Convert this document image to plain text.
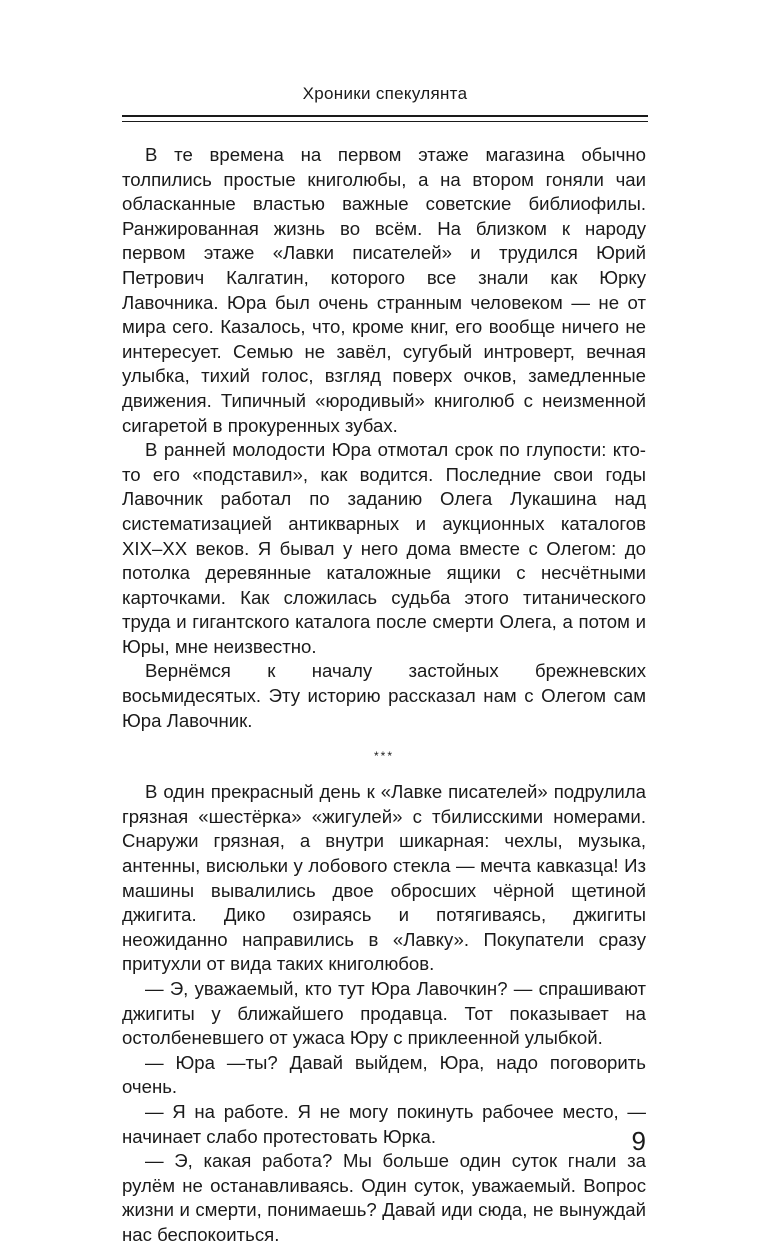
Хроники спекулянта

В те времена на первом этаже магазина обычно толпились простые книголюбы, а на втором гоняли чаи обласканные властью важные советские библиофилы. Ранжированная жизнь во всём. На близком к народу первом этаже «Лавки писателей» и трудился Юрий Петрович Калгатин, которого все знали как Юрку Лавочника. Юра был очень странным человеком — не от мира сего. Казалось, что, кроме книг, его вообще ничего не интересует. Семью не завёл, сугубый интроверт, вечная улыбка, тихий голос, взгляд поверх очков, замедленные движения. Типичный «юродивый» книголюб с неизменной сигаретой в прокуренных зубах.

В ранней молодости Юра отмотал срок по глупости: кто-то его «подставил», как водится. Последние свои годы Лавочник работал по заданию Олега Лукашина над систематизацией антикварных и аукционных каталогов XIX–XX веков. Я бывал у него дома вместе с Олегом: до потолка деревянные каталожные ящики с несчётными карточками. Как сложилась судьба этого титанического труда и гигантского каталога после смерти Олега, а потом и Юры, мне неизвестно.

Вернёмся к началу застойных брежневских восьмидесятых. Эту историю рассказал нам с Олегом сам Юра Лавочник.

***

В один прекрасный день к «Лавке писателей» подрулила грязная «шестёрка» «жигулей» с тбилисскими номерами. Снаружи грязная, а внутри шикарная: чехлы, музыка, антенны, висюльки у лобового стекла — мечта кавказца! Из машины вывалились двое обросших чёрной щетиной джигита. Дико озираясь и потягиваясь, джигиты неожиданно направились в «Лавку». Покупатели сразу притухли от вида таких книголюбов.

— Э, уважаемый, кто тут Юра Лавочкин? — спрашивают джигиты у ближайшего продавца. Тот показывает на остолбеневшего от ужаса Юру с приклеенной улыбкой.

— Юра —ты? Давай выйдем, Юра, надо поговорить очень.

— Я на работе. Я не могу покинуть рабочее место, — начинает слабо протестовать Юрка.

— Э, какая работа? Мы больше один суток гнали за рулём не останавливаясь. Один суток, уважаемый. Вопрос жизни и смерти, понимаешь? Давай иди сюда, не вынуждай нас беспокоиться.

9
